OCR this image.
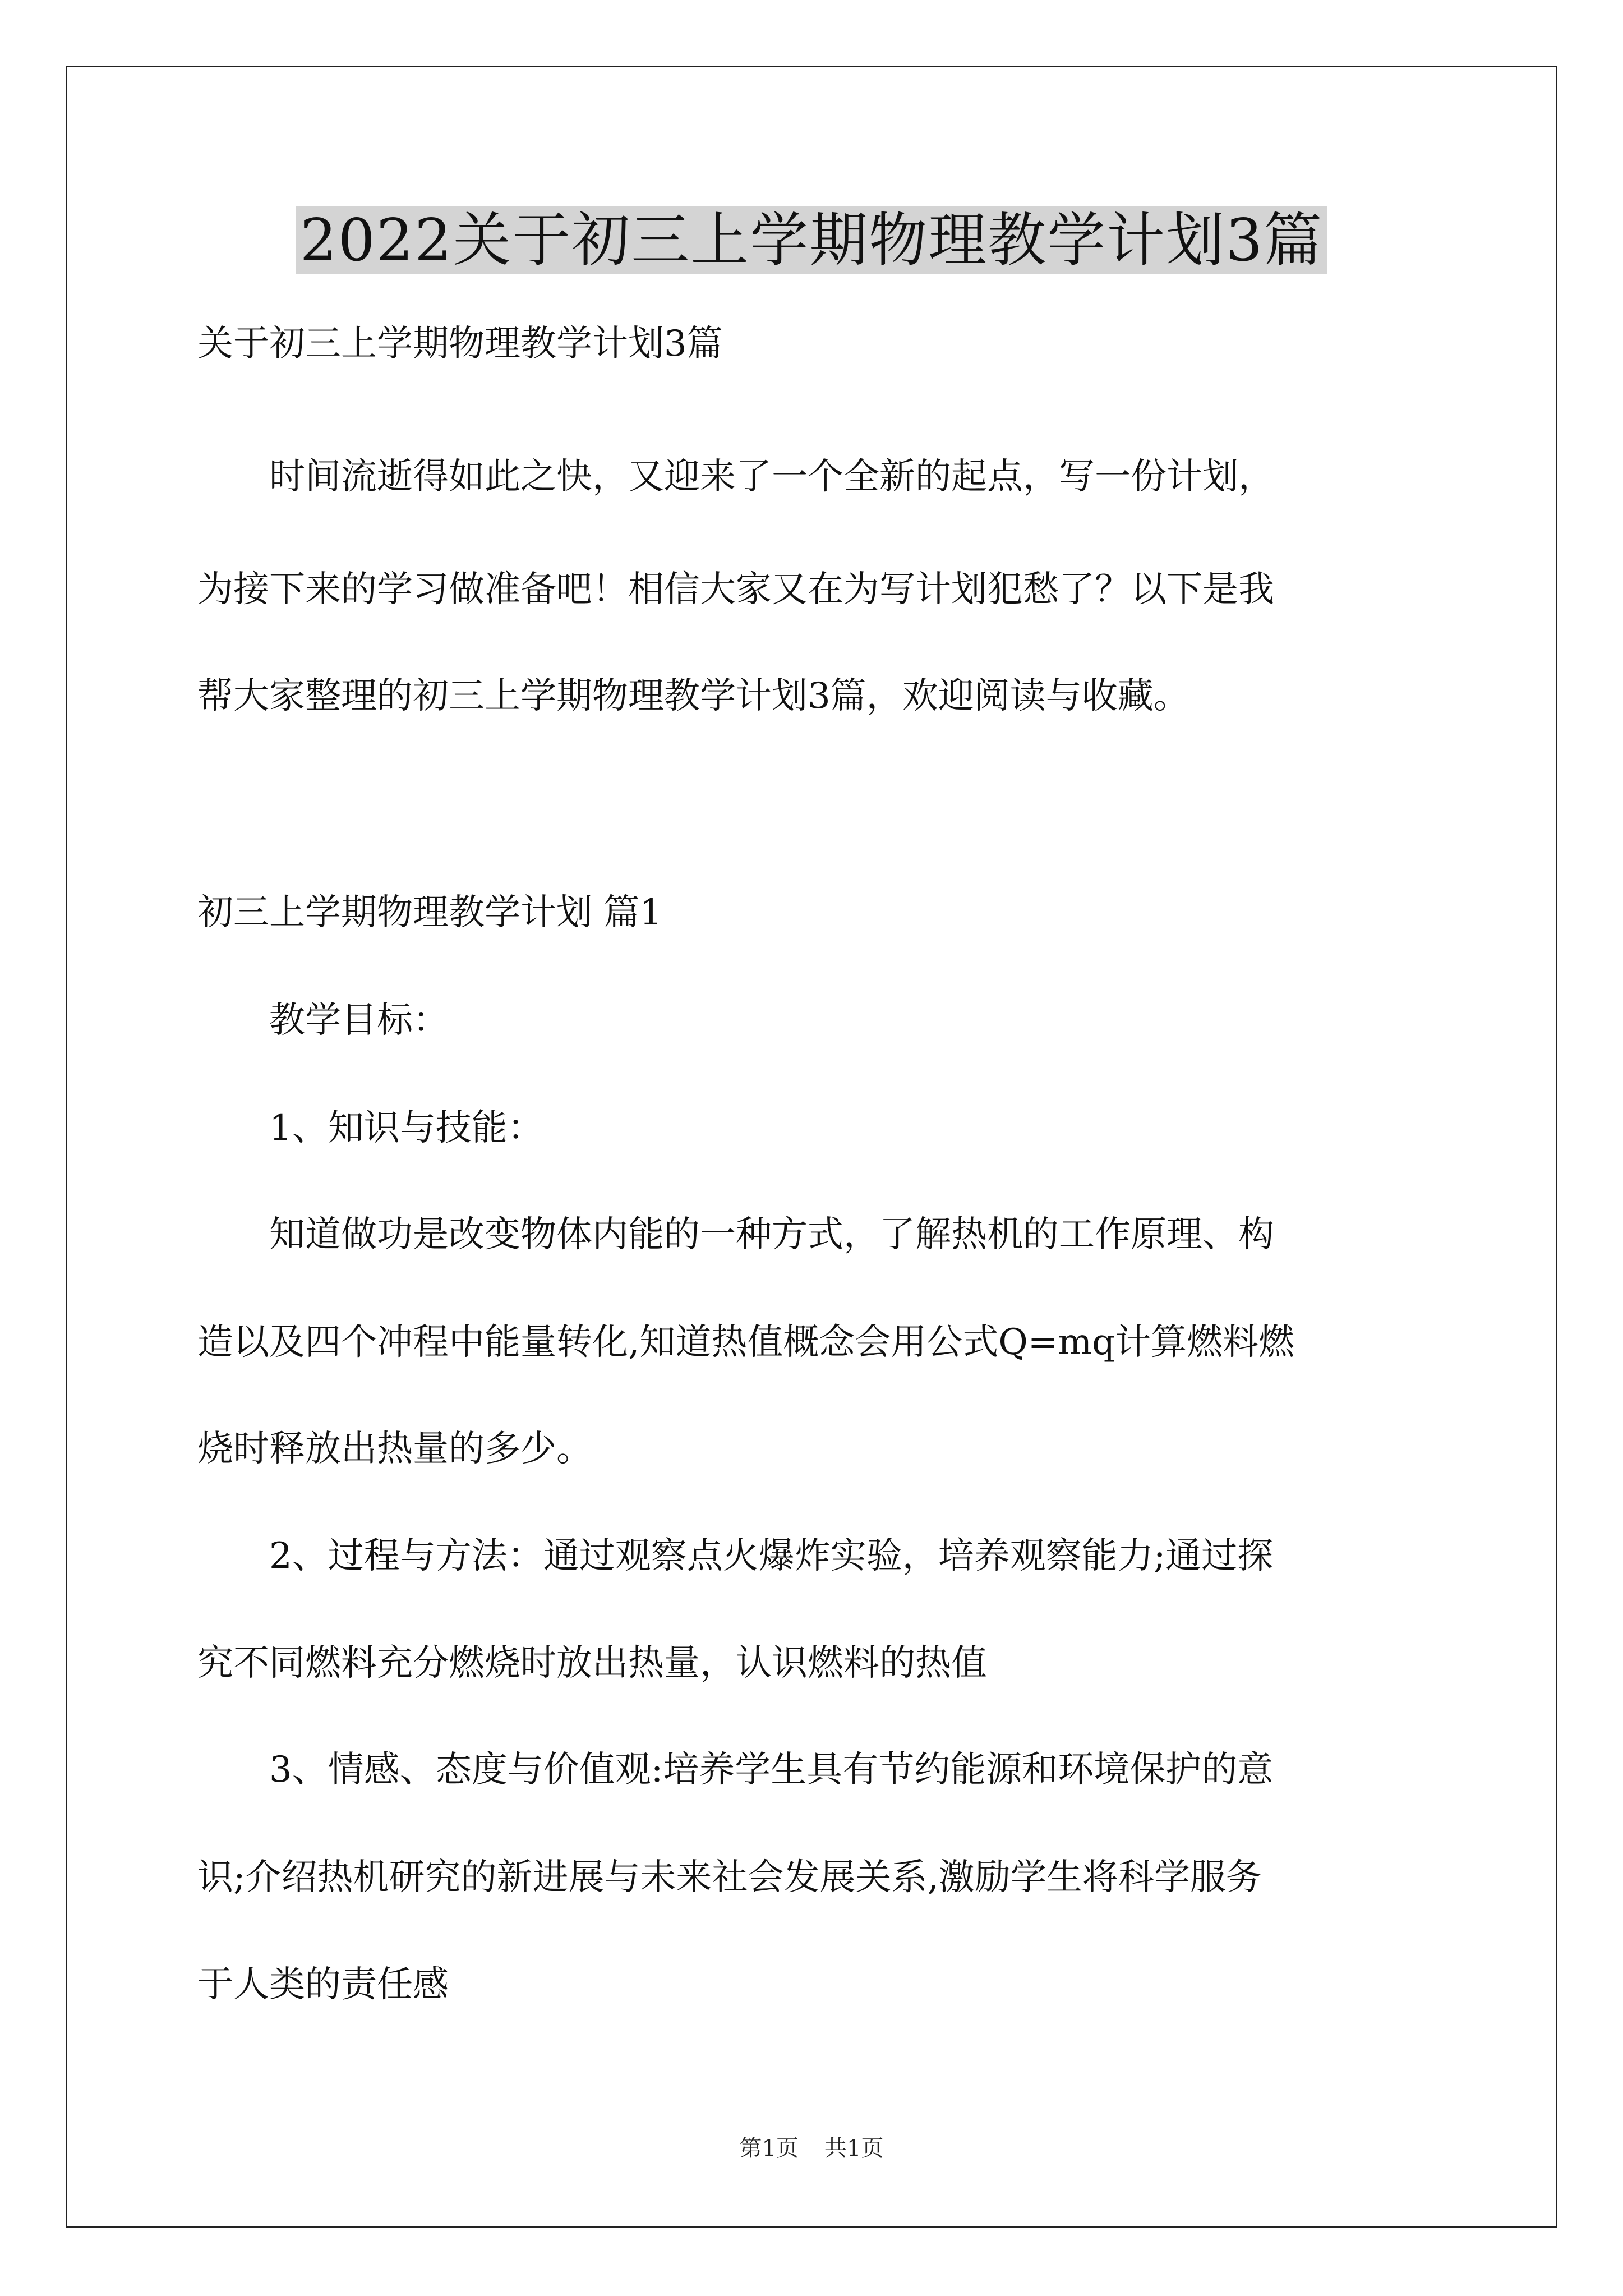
2022关于初三上学期物理教学计划3篇

关于初三上学期物理教学计划3篇

　　时间流逝得如此之快，又迎来了一个全新的起点，写一份计划，

为接下来的学习做准备吧！相信大家又在为写计划犯愁了？以下是我

帮大家整理的初三上学期物理教学计划3篇，欢迎阅读与收藏。

初三上学期物理教学计划 篇1

　　教学目标：

　　1、知识与技能：

　　知道做功是改变物体内能的一种方式，了解热机的工作原理、构

造以及四个冲程中能量转化,知道热值概念会用公式Q=mq计算燃料燃

烧时释放出热量的多少。

　　2、过程与方法：通过观察点火爆炸实验，培养观察能力;通过探

究不同燃料充分燃烧时放出热量，认识燃料的热值

　　3、情感、态度与价值观:培养学生具有节约能源和环境保护的意

识;介绍热机研究的新进展与未来社会发展关系,激励学生将科学服务

于人类的责任感

第1页 共1页
